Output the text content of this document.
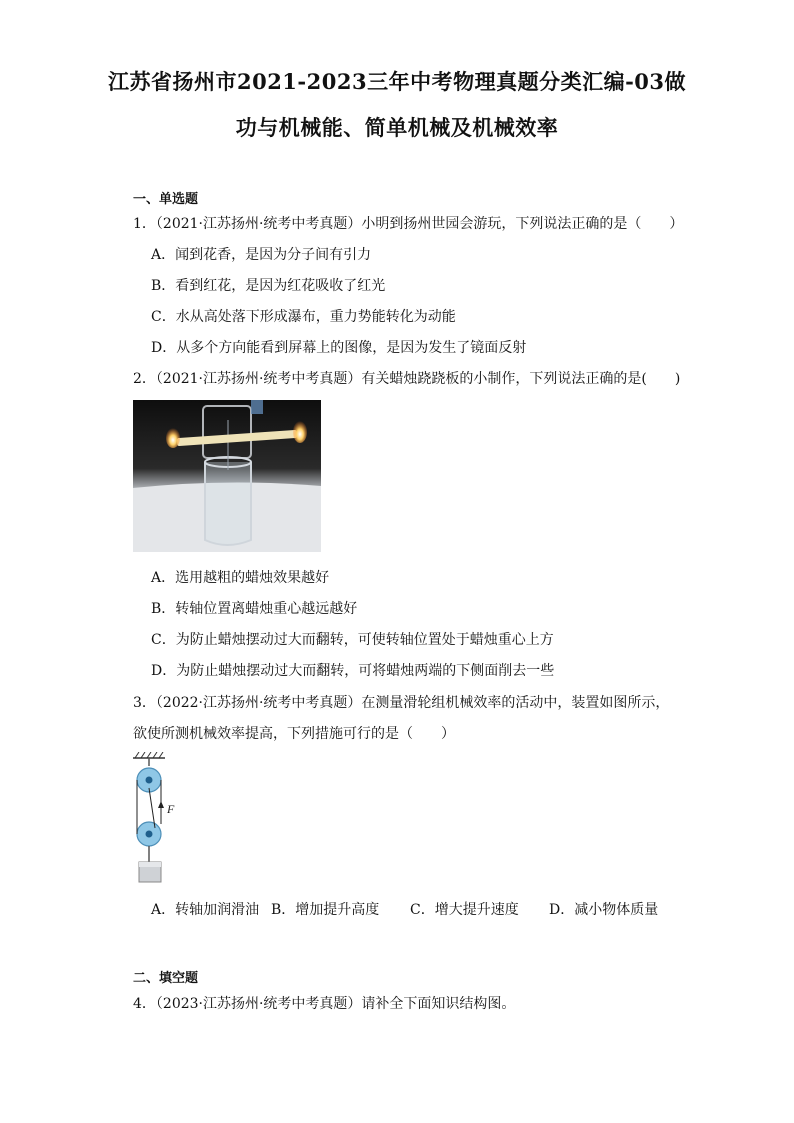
江苏省扬州市2021-2023三年中考物理真题分类汇编-03做
功与机械能、简单机械及机械效率
一、单选题
1．（2021·江苏扬州·统考中考真题）小明到扬州世园会游玩，下列说法正确的是（　　）
A．闻到花香，是因为分子间有引力
B．看到红花，是因为红花吸收了红光
C．水从高处落下形成瀑布，重力势能转化为动能
D．从多个方向能看到屏幕上的图像，是因为发生了镜面反射
2．（2021·江苏扬州·统考中考真题）有关蜡烛跷跷板的小制作，下列说法正确的是(　　)
A．选用越粗的蜡烛效果越好
B．转轴位置离蜡烛重心越远越好
C．为防止蜡烛摆动过大而翻转，可使转轴位置处于蜡烛重心上方
D．为防止蜡烛摆动过大而翻转，可将蜡烛两端的下侧面削去一些
3．（2022·江苏扬州·统考中考真题）在测量滑轮组机械效率的活动中，装置如图所示，
欲使所测机械效率提高，下列措施可行的是（　　）
F
A．转轴加润滑油 B．增加提升高度 C．增大提升速度 D．减小物体质量
二、填空题
4．（2023·江苏扬州·统考中考真题）请补全下面知识结构图。
